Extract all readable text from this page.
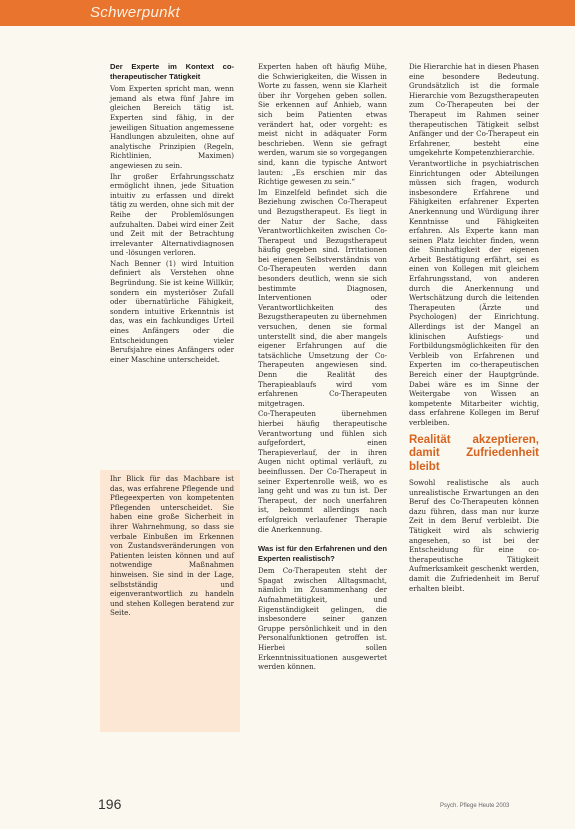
Schwerpunkt
Der Experte im Kontext co-therapeutischer Tätigkeit

Vom Experten spricht man, wenn jemand als etwa fünf Jahre im gleichen Bereich tätig ist. Experten sind fähig, in der jeweiligen Situation angemessene Handlungen abzuleiten, ohne auf analytische Prinzipien (Regeln, Richtlinien, Maximen) angewiesen zu sein.

Ihr großer Erfahrungsschatz ermöglicht ihnen, jede Situation intuitiv zu erfassen und direkt tätig zu werden, ohne sich mit der Reihe der Problemlösungen aufzuhalten. Dabei wird einer Zeit und Zeit mit der Betrachtung irrelevanter Alternativdiagnosen und -lösungen verloren.

Nach Benner (1) wird Intuition definiert als Verstehen ohne Begründung. Sie ist keine Willkür, sondern ein mysteriöser Zufall oder übernatürliche Fähigkeit, sondern intuitive Erkenntnis ist das, was ein fachkundiges Urteil eines Anfängers oder die Entscheidungen vieler Berufsjahre eines Anfängers oder einer Maschine unterscheidet.

Ihr Blick für das Machbare ist das, was erfahrene Pflegende und Pflegeexperten von kompetenten Pflegenden unterscheidet. Sie haben eine große Sicherheit in ihrer Wahrnehmung, so dass sie verbale Einbußen im Erkennen von Zustandsveränderungen von Patienten leisten können und auf notwendige Maßnahmen hinweisen. Sie sind in der Lage, selbstständig und eigenverantwortlich zu handeln und stehen Kollegen beratend zur Seite.

Experten haben oft häufig Mühe, die Schwierigkeiten, die Wissen in Worte zu fassen, wenn sie Klarheit über ihr Vorgehen geben sollen. Sie erkennen auf Anhieb, wann sich beim Patienten etwas verändert hat, oder vorgeht: es meist nicht in adäquater Form beschrieben. Wenn sie gefragt werden, warum sie so vorgegangen sind, kann die typische Antwort lauten: „Es erschien mir das Richtige gewesen zu sein.“

Im Einzelfeld befindet sich die Beziehung zwischen Co-Therapeut und Bezugstherapeut. Es liegt in der Natur der Sache, dass Verantwortlichkeiten zwischen Co-Therapeut und Bezugstherapeut häufig gegeben sind. Irritationen bei eigenen Selbstverständnis von Co-Therapeuten werden dann besonders deutlich, wenn sie sich bestimmte Diagnosen, Interventionen oder Verantwortlichkeiten des Bezugstherapeuten zu übernehmen versuchen, denen sie formal unterstellt sind, die aber mangels eigener Erfahrungen auf die tatsächliche Umsetzung der Co-Therapeuten angewiesen sind. Denn die Realität des Therapieablaufs wird vom erfahrenen Co-Therapeuten mitgetragen.

Co-Therapeuten übernehmen hierbei häufig therapeutische Verantwortung und fühlen sich aufgefordert, einen Therapieverlauf, der in ihren Augen nicht optimal verläuft, zu beeinflussen. Der Co-Therapeut in seiner Expertenrolle weiß, wo es lang geht und was zu tun ist. Der Therapeut, der noch unerfahren ist, bekommt allerdings nach erfolgreich verlaufener Therapie die Anerkennung.

Was ist für den Erfahrenen und den Experten realistisch?

Dem Co-Therapeuten steht der Spagat zwischen Alltagsmacht, nämlich im Zusammenhang der Aufnahmetätigkeit, und Eigenständigkeit gelingen, die insbesondere seiner ganzen Gruppe persönlichkeit und in den Personalfunktionen getroffen ist. Hierbei sollen Erkenntnissituationen ausgewertet werden können.

Die Hierarchie hat in diesen Phasen eine besondere Bedeutung. Grundsätzlich ist die formale Hierarchie vom Bezugstherapeuten zum Co-Therapeuten bei der Therapeut im Rahmen seiner therapeutischen Tätigkeit selbst Anfänger und der Co-Therapeut ein Erfahrener, besteht eine umgekehrte Kompetenzhierarchie.

Verantwortliche in psychiatrischen Einrichtungen oder Abteilungen müssen sich fragen, wodurch insbesondere Erfahrene und Fähigkeiten erfahrener Experten Anerkennung und Würdigung ihrer Kenntnisse und Fähigkeiten erfahren. Als Experte kann man seinen Platz leichter finden, wenn die Sinnhaftigkeit der eigenen Arbeit Bestätigung erfährt, sei es einen von Kollegen mit gleichem Erfahrungsstand, von anderen durch die Anerkennung und Wertschätzung durch die leitenden Therapeuten (Ärzte und Psychologen) der Einrichtung. Allerdings ist der Mangel an klinischen Aufstiegs- und Fortbildungsmöglichkeiten für den Verbleib von Erfahrenen und Experten im co-therapeutischen Bereich einer der Hauptgründe. Dabei wäre es im Sinne der Weitergabe von Wissen an kompetente Mitarbeiter wichtig, dass erfahrene Kollegen im Beruf verbleiben.

Realität akzeptieren, damit Zufriedenheit bleibt

Sowohl realistische als auch unrealistische Erwartungen an den Beruf des Co-Therapeuten können dazu führen, dass man nur kurze Zeit in dem Beruf verbleibt. Die Tätigkeit wird als schwierig angesehen, so ist bei der Entscheidung für eine co-therapeutische Tätigkeit Aufmerksamkeit geschenkt werden, damit die Zufriedenheit im Beruf erhalten bleibt.

196	Psych. Pflege Heute 2003
